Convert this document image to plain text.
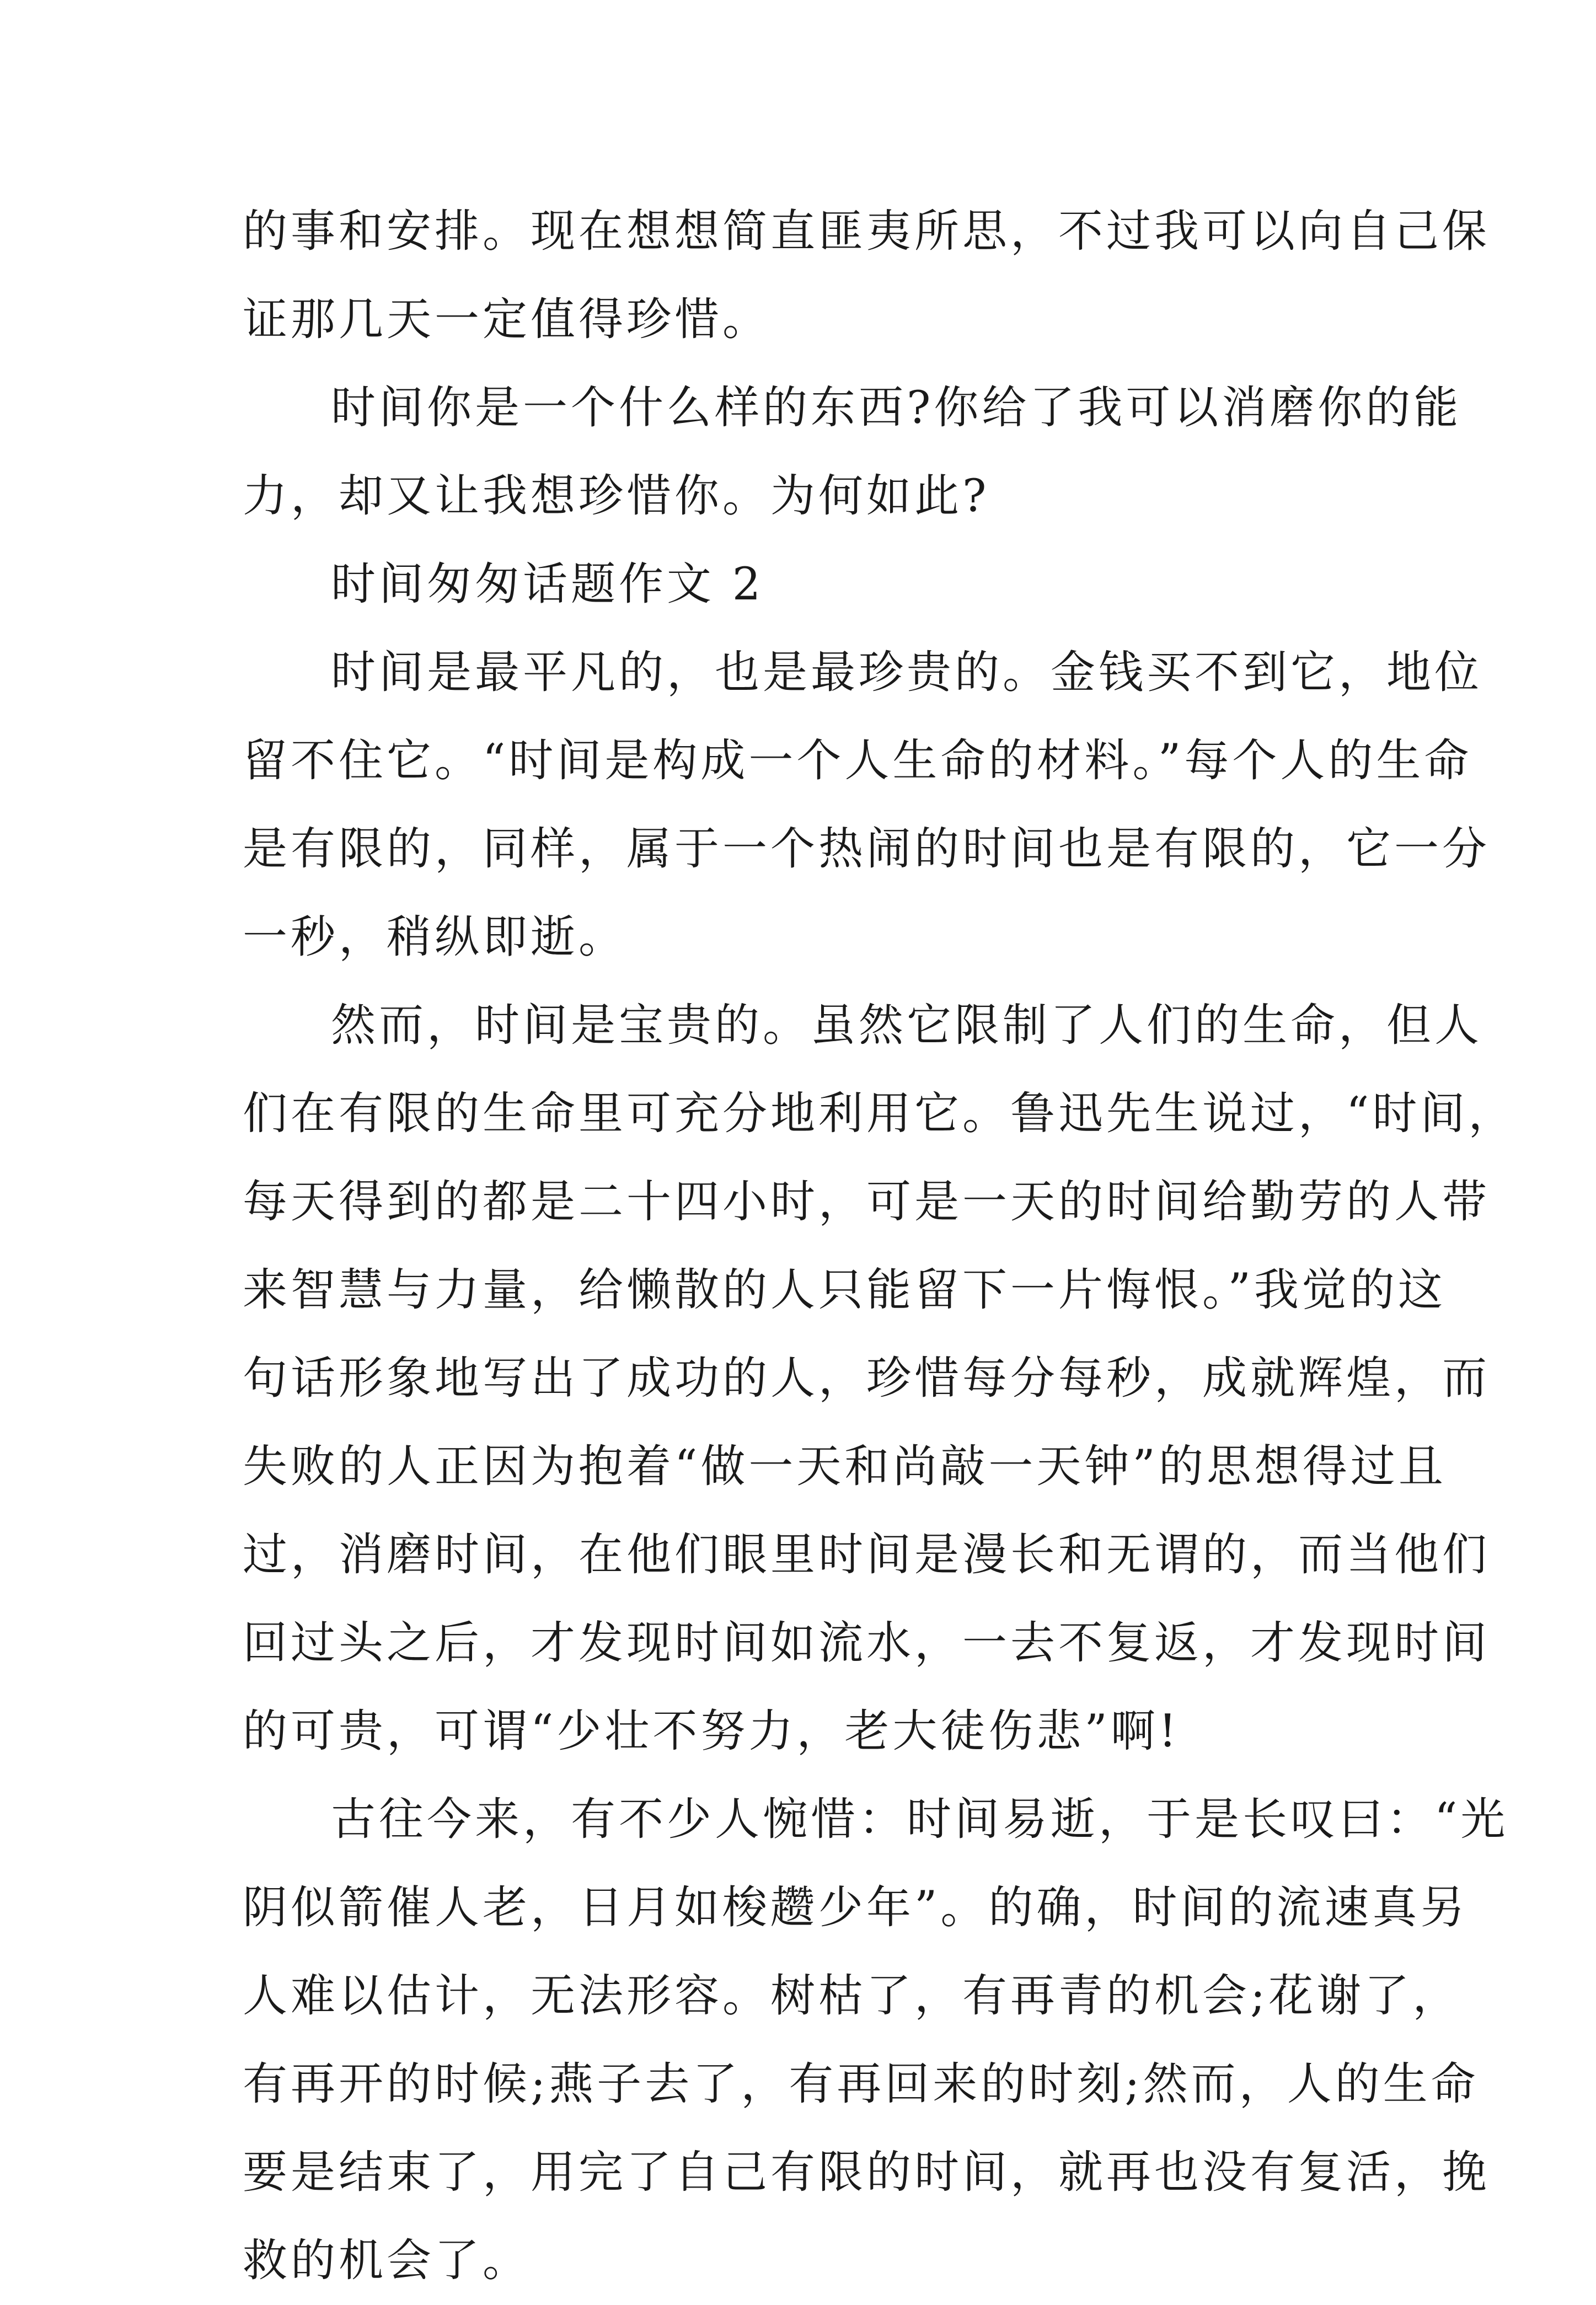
的事和安排。现在想想简直匪夷所思，不过我可以向自己保
证那几天一定值得珍惜。
时间你是一个什么样的东西?你给了我可以消磨你的能
力，却又让我想珍惜你。为何如此?
时间匆匆话题作文 2
时间是最平凡的，也是最珍贵的。金钱买不到它，地位
留不住它。“时间是构成一个人生命的材料。”每个人的生命
是有限的，同样，属于一个热闹的时间也是有限的，它一分
一秒，稍纵即逝。
然而，时间是宝贵的。虽然它限制了人们的生命，但人
们在有限的生命里可充分地利用它。鲁迅先生说过，“时间，
每天得到的都是二十四小时，可是一天的时间给勤劳的人带
来智慧与力量，给懒散的人只能留下一片悔恨。”我觉的这
句话形象地写出了成功的人，珍惜每分每秒，成就辉煌，而
失败的人正因为抱着“做一天和尚敲一天钟”的思想得过且
过，消磨时间，在他们眼里时间是漫长和无谓的，而当他们
回过头之后，才发现时间如流水，一去不复返，才发现时间
的可贵，可谓“少壮不努力，老大徒伤悲”啊!
古往今来，有不少人惋惜：时间易逝，于是长叹曰：“光
阴似箭催人老，日月如梭趱少年”。的确，时间的流速真另
人难以估计，无法形容。树枯了，有再青的机会;花谢了，
有再开的时候;燕子去了，有再回来的时刻;然而，人的生命
要是结束了，用完了自己有限的时间，就再也没有复活，挽
救的机会了。
